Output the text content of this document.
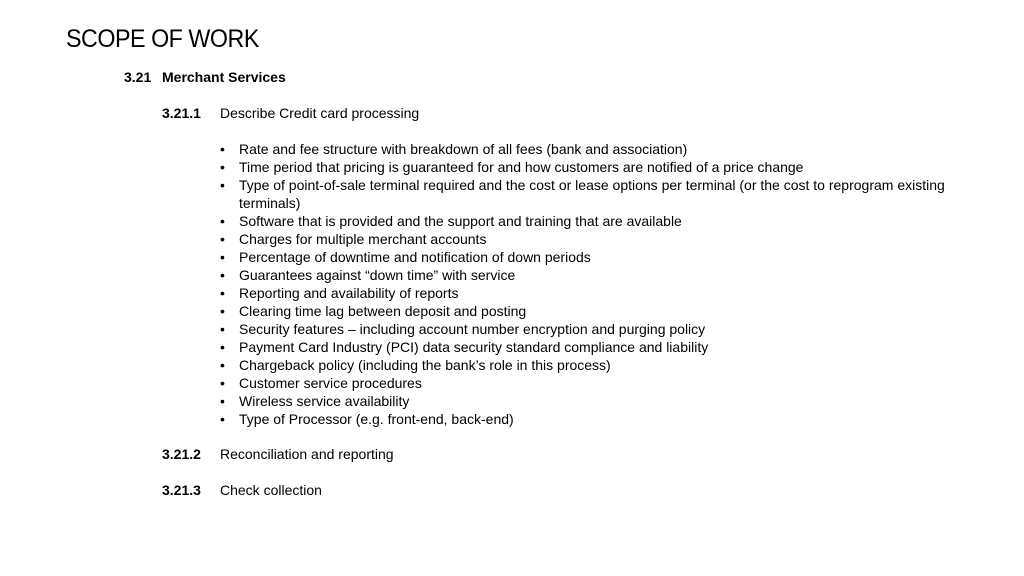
SCOPE OF WORK
3.21 Merchant Services
3.21.1 Describe Credit card processing
• Rate and fee structure with breakdown of all fees (bank and association)
• Time period that pricing is guaranteed for and how customers are notified of a price change
• Type of point-of-sale terminal required and the cost or lease options per terminal (or the cost to reprogram existing terminals)
• Software that is provided and the support and training that are available
• Charges for multiple merchant accounts
• Percentage of downtime and notification of down periods
• Guarantees against “down time” with service
• Reporting and availability of reports
• Clearing time lag between deposit and posting
• Security features – including account number encryption and purging policy
• Payment Card Industry (PCI) data security standard compliance and liability
• Chargeback policy (including the bank’s role in this process)
• Customer service procedures
• Wireless service availability
• Type of Processor (e.g. front-end, back-end)
3.21.2 Reconciliation and reporting
3.21.3 Check collection
